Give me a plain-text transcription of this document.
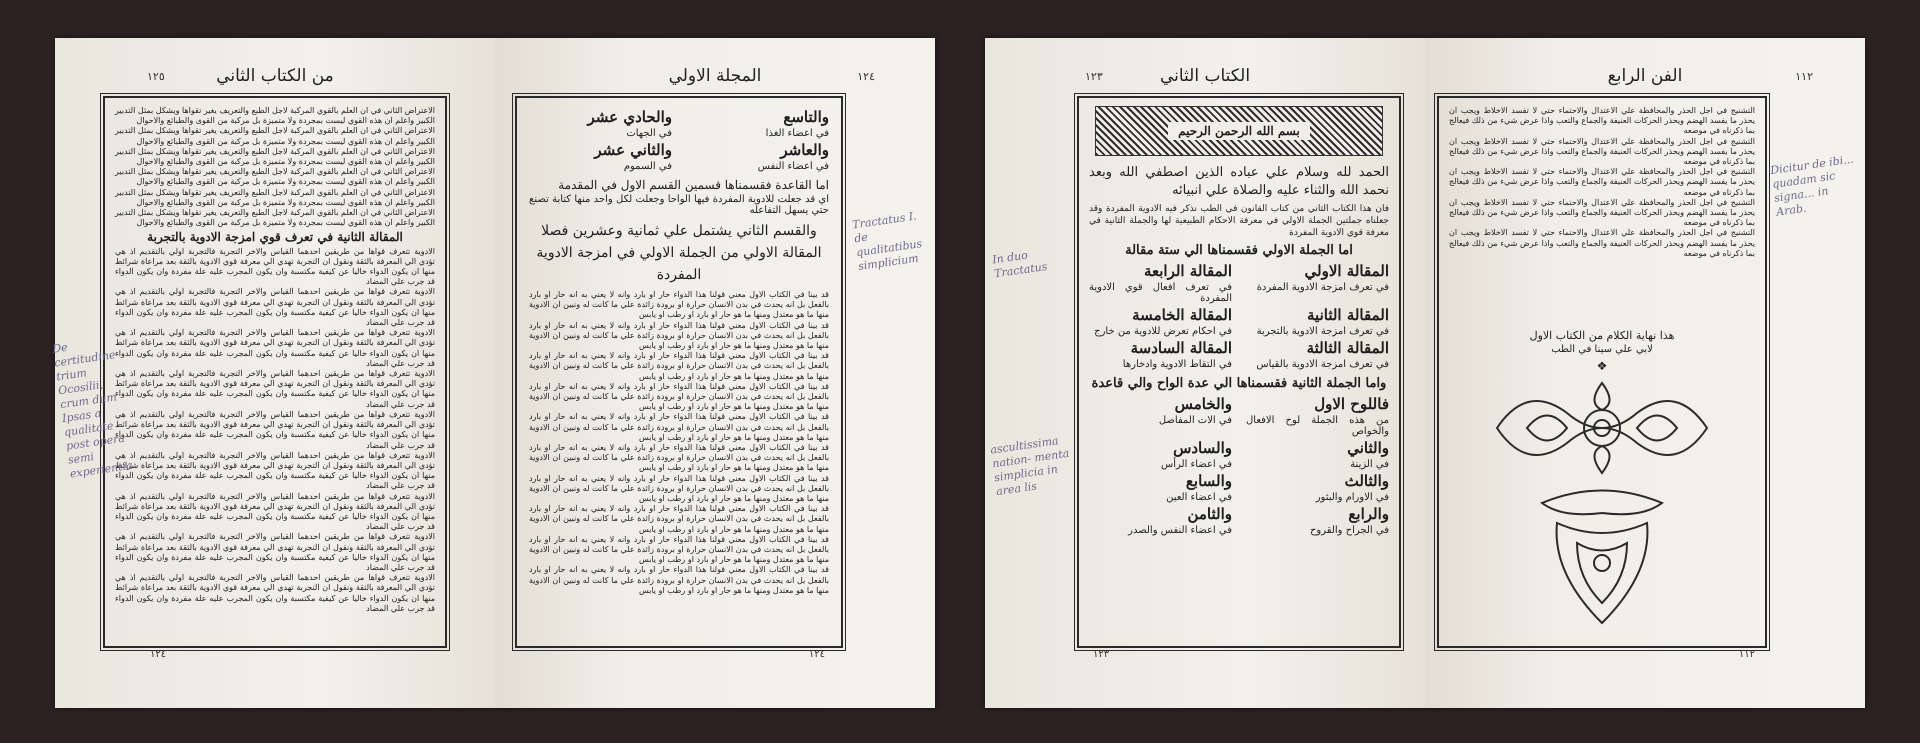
١٢٥	من الكتاب الثاني

الاعتراض الثاني في ان العلم بالقوي المركبة لاجل الطبع والتعريف يغير تقواها ويشكل بمثل التدبير الكبير واعلم ان هذه القوي ليست بمجردة ولا متميزة بل مركبة من القوى والطبائع والاحوال

الاعتراض الثاني في ان العلم بالقوي المركبة لاجل الطبع والتعريف يغير تقواها ويشكل بمثل التدبير الكبير واعلم ان هذه القوي ليست بمجردة ولا متميزة بل مركبة من القوى والطبائع والاحوال

الاعتراض الثاني في ان العلم بالقوي المركبة لاجل الطبع والتعريف يغير تقواها ويشكل بمثل التدبير الكبير واعلم ان هذه القوي ليست بمجردة ولا متميزة بل مركبة من القوى والطبائع والاحوال

الاعتراض الثاني في ان العلم بالقوي المركبة لاجل الطبع والتعريف يغير تقواها ويشكل بمثل التدبير الكبير واعلم ان هذه القوي ليست بمجردة ولا متميزة بل مركبة من القوى والطبائع والاحوال

الاعتراض الثاني في ان العلم بالقوي المركبة لاجل الطبع والتعريف يغير تقواها ويشكل بمثل التدبير الكبير واعلم ان هذه القوي ليست بمجردة ولا متميزة بل مركبة من القوى والطبائع والاحوال

الاعتراض الثاني في ان العلم بالقوي المركبة لاجل الطبع والتعريف يغير تقواها ويشكل بمثل التدبير الكبير واعلم ان هذه القوي ليست بمجردة ولا متميزة بل مركبة من القوى والطبائع والاحوال

المقالة الثانية في تعرف قوي امزجة الادوية بالتجربة

الادوية تتعرف قواها من طريقين احدهما القياس والاخر التجربة فالتجربة اولي بالتقديم اذ هي تؤدي الي المعرفة بالثقة ونقول ان التجربة تهدي الي معرفة قوي الادوية بالثقة بعد مراعاة شرائط منها ان يكون الدواء خاليا عن كيفية مكتسبة وان يكون المجرب عليه علة مفردة وان يكون الدواء قد جرب علي المضاد

الادوية تتعرف قواها من طريقين احدهما القياس والاخر التجربة فالتجربة اولي بالتقديم اذ هي تؤدي الي المعرفة بالثقة ونقول ان التجربة تهدي الي معرفة قوي الادوية بالثقة بعد مراعاة شرائط منها ان يكون الدواء خاليا عن كيفية مكتسبة وان يكون المجرب عليه علة مفردة وان يكون الدواء قد جرب علي المضاد

الادوية تتعرف قواها من طريقين احدهما القياس والاخر التجربة فالتجربة اولي بالتقديم اذ هي تؤدي الي المعرفة بالثقة ونقول ان التجربة تهدي الي معرفة قوي الادوية بالثقة بعد مراعاة شرائط منها ان يكون الدواء خاليا عن كيفية مكتسبة وان يكون المجرب عليه علة مفردة وان يكون الدواء قد جرب علي المضاد

الادوية تتعرف قواها من طريقين احدهما القياس والاخر التجربة فالتجربة اولي بالتقديم اذ هي تؤدي الي المعرفة بالثقة ونقول ان التجربة تهدي الي معرفة قوي الادوية بالثقة بعد مراعاة شرائط منها ان يكون الدواء خاليا عن كيفية مكتسبة وان يكون المجرب عليه علة مفردة وان يكون الدواء قد جرب علي المضاد

الادوية تتعرف قواها من طريقين احدهما القياس والاخر التجربة فالتجربة اولي بالتقديم اذ هي تؤدي الي المعرفة بالثقة ونقول ان التجربة تهدي الي معرفة قوي الادوية بالثقة بعد مراعاة شرائط منها ان يكون الدواء خاليا عن كيفية مكتسبة وان يكون المجرب عليه علة مفردة وان يكون الدواء قد جرب علي المضاد

الادوية تتعرف قواها من طريقين احدهما القياس والاخر التجربة فالتجربة اولي بالتقديم اذ هي تؤدي الي المعرفة بالثقة ونقول ان التجربة تهدي الي معرفة قوي الادوية بالثقة بعد مراعاة شرائط منها ان يكون الدواء خاليا عن كيفية مكتسبة وان يكون المجرب عليه علة مفردة وان يكون الدواء قد جرب علي المضاد

الادوية تتعرف قواها من طريقين احدهما القياس والاخر التجربة فالتجربة اولي بالتقديم اذ هي تؤدي الي المعرفة بالثقة ونقول ان التجربة تهدي الي معرفة قوي الادوية بالثقة بعد مراعاة شرائط منها ان يكون الدواء خاليا عن كيفية مكتسبة وان يكون المجرب عليه علة مفردة وان يكون الدواء قد جرب علي المضاد

الادوية تتعرف قواها من طريقين احدهما القياس والاخر التجربة فالتجربة اولي بالتقديم اذ هي تؤدي الي المعرفة بالثقة ونقول ان التجربة تهدي الي معرفة قوي الادوية بالثقة بعد مراعاة شرائط منها ان يكون الدواء خاليا عن كيفية مكتسبة وان يكون المجرب عليه علة مفردة وان يكون الدواء قد جرب علي المضاد

الادوية تتعرف قواها من طريقين احدهما القياس والاخر التجربة فالتجربة اولي بالتقديم اذ هي تؤدي الي المعرفة بالثقة ونقول ان التجربة تهدي الي معرفة قوي الادوية بالثقة بعد مراعاة شرائط منها ان يكون الدواء خاليا عن كيفية مكتسبة وان يكون المجرب عليه علة مفردة وان يكون الدواء قد جرب علي المضاد

De certitudine trium Ocosilii, crum dum Ipsas a qualitate post opera semi experientia
١٢٤
١٢٤
المجلة الاولي
والتاسع
والحادي عشر
في اعضاء الغذا
في الجهات
والعاشر
والثاني عشر
في اعضاء النفس
في السموم
اما القاعدة فقسمناها قسمين القسم الاول في المقدمة
اي قد جعلت للادوية المفردة فيها الواحا وجعلت لكل واحد منها كتابة تصنع حتي يسهل التفاعله
والقسم الثاني يشتمل علي ثمانية وعشرين فصلا
المقالة الاولي من الجملة الاولي في امزجة الادوية المفردة

قد بينا في الكتاب الاول معني قولنا هذا الدواء حار او بارد وانه لا يعني به انه حار او بارد بالفعل بل انه يحدث في بدن الانسان حرارة او برودة زائدة علي ما كانت له ونبين ان الادوية منها ما هو معتدل ومنها ما هو حار او بارد او رطب او يابس

قد بينا في الكتاب الاول معني قولنا هذا الدواء حار او بارد وانه لا يعني به انه حار او بارد بالفعل بل انه يحدث في بدن الانسان حرارة او برودة زائدة علي ما كانت له ونبين ان الادوية منها ما هو معتدل ومنها ما هو حار او بارد او رطب او يابس

قد بينا في الكتاب الاول معني قولنا هذا الدواء حار او بارد وانه لا يعني به انه حار او بارد بالفعل بل انه يحدث في بدن الانسان حرارة او برودة زائدة علي ما كانت له ونبين ان الادوية منها ما هو معتدل ومنها ما هو حار او بارد او رطب او يابس

قد بينا في الكتاب الاول معني قولنا هذا الدواء حار او بارد وانه لا يعني به انه حار او بارد بالفعل بل انه يحدث في بدن الانسان حرارة او برودة زائدة علي ما كانت له ونبين ان الادوية منها ما هو معتدل ومنها ما هو حار او بارد او رطب او يابس

قد بينا في الكتاب الاول معني قولنا هذا الدواء حار او بارد وانه لا يعني به انه حار او بارد بالفعل بل انه يحدث في بدن الانسان حرارة او برودة زائدة علي ما كانت له ونبين ان الادوية منها ما هو معتدل ومنها ما هو حار او بارد او رطب او يابس

قد بينا في الكتاب الاول معني قولنا هذا الدواء حار او بارد وانه لا يعني به انه حار او بارد بالفعل بل انه يحدث في بدن الانسان حرارة او برودة زائدة علي ما كانت له ونبين ان الادوية منها ما هو معتدل ومنها ما هو حار او بارد او رطب او يابس

قد بينا في الكتاب الاول معني قولنا هذا الدواء حار او بارد وانه لا يعني به انه حار او بارد بالفعل بل انه يحدث في بدن الانسان حرارة او برودة زائدة علي ما كانت له ونبين ان الادوية منها ما هو معتدل ومنها ما هو حار او بارد او رطب او يابس

قد بينا في الكتاب الاول معني قولنا هذا الدواء حار او بارد وانه لا يعني به انه حار او بارد بالفعل بل انه يحدث في بدن الانسان حرارة او برودة زائدة علي ما كانت له ونبين ان الادوية منها ما هو معتدل ومنها ما هو حار او بارد او رطب او يابس

قد بينا في الكتاب الاول معني قولنا هذا الدواء حار او بارد وانه لا يعني به انه حار او بارد بالفعل بل انه يحدث في بدن الانسان حرارة او برودة زائدة علي ما كانت له ونبين ان الادوية منها ما هو معتدل ومنها ما هو حار او بارد او رطب او يابس

قد بينا في الكتاب الاول معني قولنا هذا الدواء حار او بارد وانه لا يعني به انه حار او بارد بالفعل بل انه يحدث في بدن الانسان حرارة او برودة زائدة علي ما كانت له ونبين ان الادوية منها ما هو معتدل ومنها ما هو حار او بارد او رطب او يابس

Tractatus I. de qualitatibus simplicium
١٢٤
١٢٣	الكتاب الثاني
بسم الله الرحمن الرحيم
الحمد لله وسلام علي عباده الذين اصطفي الله وبعد نحمد الله والثناء عليه والصلاة علي انبيائه
فان هذا الكتاب الثاني من كتاب القانون في الطب نذكر فيه الادوية المفردة وقد جعلناه جملتين الجملة الاولي في معرفة الاحكام الطبيعية لها والجملة الثانية في معرفة قوي الادوية المفردة
اما الجملة الاولي فقسمناها الي ستة مقالة
المقالة الاولي
المقالة الرابعة
في تعرف امزجة الادوية المفردة
في تعرف افعال قوي الادوية المفردة
المقالة الثانية
المقالة الخامسة
في تعرف امزجة الادوية بالتجربة
في احكام تعرض للادوية من خارج
المقالة الثالثة
المقالة السادسة
في تعرف امزجة الادوية بالقياس
في التقاط الادوية وادخارها
واما الجملة الثانية فقسمناها الي عدة الواح والي قاعدة
فاللوح الاول
والخامس
من هذه الجملة لوح الافعال والخواص
في الات المفاصل
والثاني
والسادس
في الزينة
في اعضاء الرأس
والثالث
والسابع
في الاورام والبثور
في اعضاء العين
والرابع
والثامن
في الجراح والقروح
في اعضاء النفس والصدر
In duo Tractatus
ascultissima nation- menta simplicia in area lis
١٢٣
١١٢
الفن الرابع

التشنيج في اجل الحذر والمحافظة علي الاعتدال والاحتماء حتي لا تفسد الاخلاط ويجب ان يحذر ما يفسد الهضم ويحذر الحركات العنيفة والجماع والتعب واذا عرض شيء من ذلك فيعالج بما ذكرناه في موضعه

التشنيج في اجل الحذر والمحافظة علي الاعتدال والاحتماء حتي لا تفسد الاخلاط ويجب ان يحذر ما يفسد الهضم ويحذر الحركات العنيفة والجماع والتعب واذا عرض شيء من ذلك فيعالج بما ذكرناه في موضعه

التشنيج في اجل الحذر والمحافظة علي الاعتدال والاحتماء حتي لا تفسد الاخلاط ويجب ان يحذر ما يفسد الهضم ويحذر الحركات العنيفة والجماع والتعب واذا عرض شيء من ذلك فيعالج بما ذكرناه في موضعه

التشنيج في اجل الحذر والمحافظة علي الاعتدال والاحتماء حتي لا تفسد الاخلاط ويجب ان يحذر ما يفسد الهضم ويحذر الحركات العنيفة والجماع والتعب واذا عرض شيء من ذلك فيعالج بما ذكرناه في موضعه

التشنيج في اجل الحذر والمحافظة علي الاعتدال والاحتماء حتي لا تفسد الاخلاط ويجب ان يحذر ما يفسد الهضم ويحذر الحركات العنيفة والجماع والتعب واذا عرض شيء من ذلك فيعالج بما ذكرناه في موضعه

هذا نهاية الكلام من الكتاب الاول
لابي علي سينا في الطب
❖
Dicitur de ibi... quadam sic signa... in Arab.
١١٢
